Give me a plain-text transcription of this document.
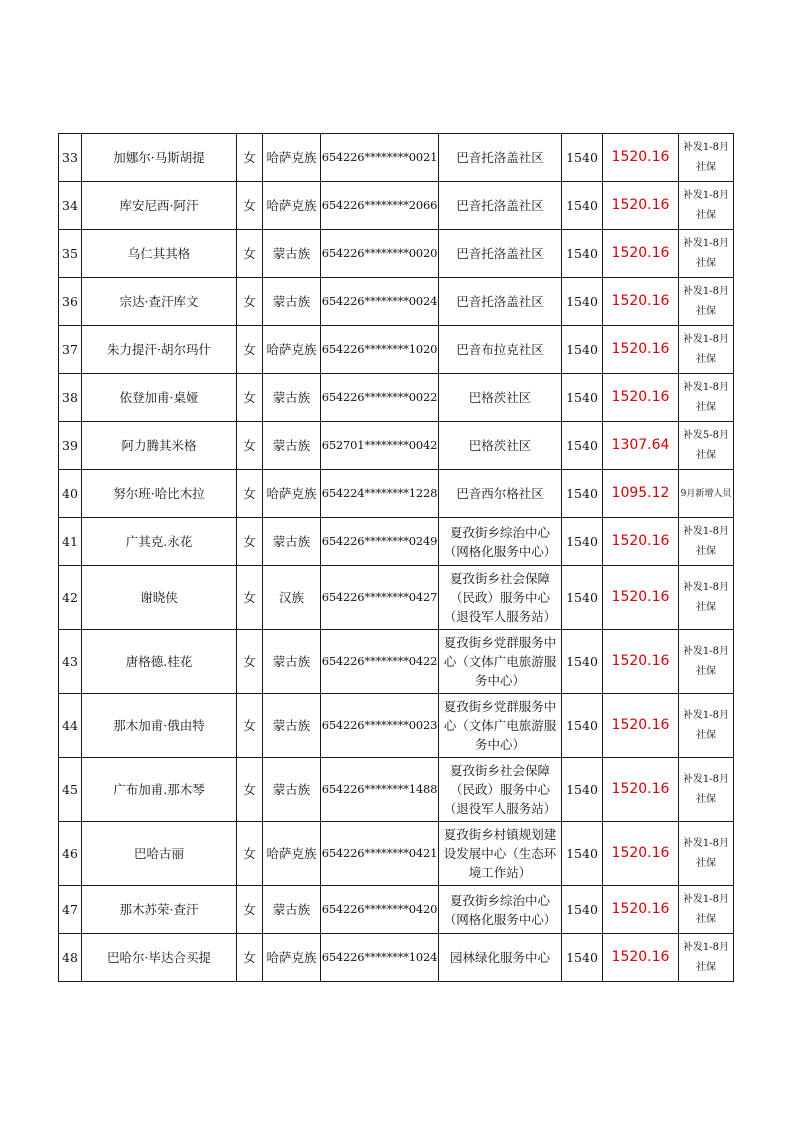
33	加娜尔·马斯胡提	女	哈萨克族	654226********0021	巴音托洛盖社区	1540	1520.16	补发1-8月社保
34	库安尼西·阿汗	女	哈萨克族	654226********2066	巴音托洛盖社区	1540	1520.16	补发1-8月社保
35	乌仁其其格	女	蒙古族	654226********0020	巴音托洛盖社区	1540	1520.16	补发1-8月社保
36	宗达·查汗库文	女	蒙古族	654226********0024	巴音托洛盖社区	1540	1520.16	补发1-8月社保
37	朱力提汗·胡尔玛什	女	哈萨克族	654226********1020	巴音布拉克社区	1540	1520.16	补发1-8月社保
38	依登加甫·桌娅	女	蒙古族	654226********0022	巴格茨社区	1540	1520.16	补发1-8月社保
39	阿力腾其米格	女	蒙古族	652701********0042	巴格茨社区	1540	1307.64	补发5-8月社保
40	努尔班·哈比木拉	女	哈萨克族	654224********1228	巴音西尔格社区	1540	1095.12	9月新增人员
41	广其克.永花	女	蒙古族	654226********0249	夏孜街乡综治中心（网格化服务中心）	1540	1520.16	补发1-8月社保
42	谢晓侠	女	汉族	654226********0427	夏孜街乡社会保障（民政）服务中心（退役军人服务站）	1540	1520.16	补发1-8月社保
43	唐格德.桂花	女	蒙古族	654226********0422	夏孜街乡党群服务中心（文体广电旅游服务中心）	1540	1520.16	补发1-8月社保
44	那木加甫·俄由特	女	蒙古族	654226********0023	夏孜街乡党群服务中心（文体广电旅游服务中心）	1540	1520.16	补发1-8月社保
45	广布加甫.那木琴	女	蒙古族	654226********1488	夏孜街乡社会保障（民政）服务中心（退役军人服务站）	1540	1520.16	补发1-8月社保
46	巴哈古丽	女	哈萨克族	654226********0421	夏孜街乡村镇规划建设发展中心（生态环境工作站）	1540	1520.16	补发1-8月社保
47	那木苏荣·查汗	女	蒙古族	654226********0420	夏孜街乡综治中心（网格化服务中心）	1540	1520.16	补发1-8月社保
48	巴哈尔·毕达合买提	女	哈萨克族	654226********1024	园林绿化服务中心	1540	1520.16	补发1-8月社保
